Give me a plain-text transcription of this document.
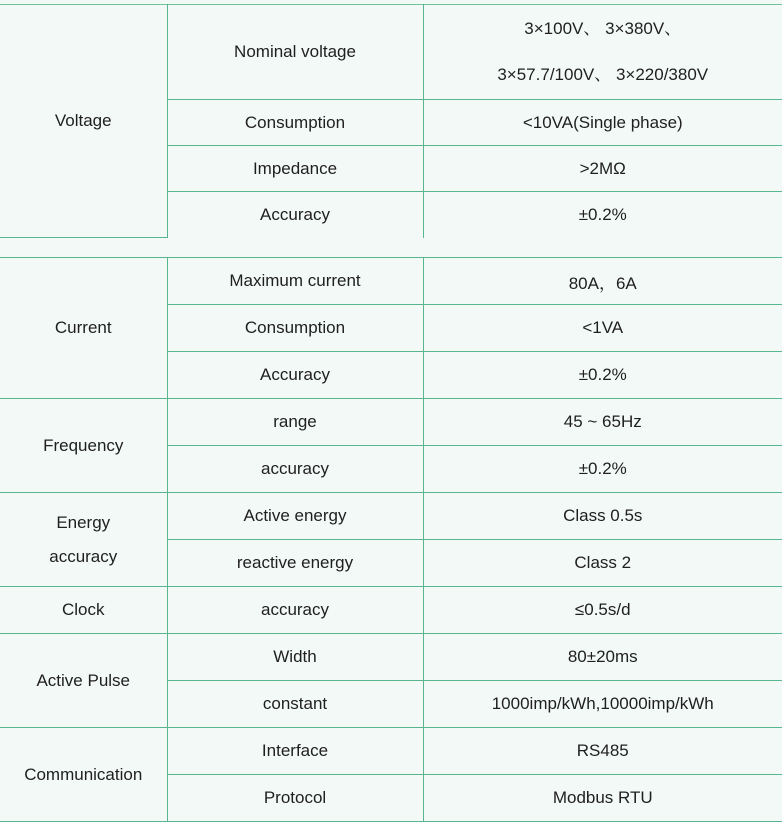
Voltage	Nominal voltage	3×100V、 3×380V、
3×57.7/100V、 3×220/380V

	Consumption	<10VA(Single phase)
	Impedance	>2MΩ
	Accuracy	±0.2%
Current	Maximum current	80A，6A
	Consumption	<1VA
	Accuracy	±0.2%
Frequency	range	45 ~ 65Hz
	accuracy	±0.2%

Energy
accuracy	Active energy	Class 0.5s
	reactive energy	Class 2
Clock	accuracy	≤0.5s/d
Active Pulse	Width	80±20ms
	constant	1000imp/kWh,10000imp/kWh
Communication	Interface	RS485
	Protocol	Modbus RTU
